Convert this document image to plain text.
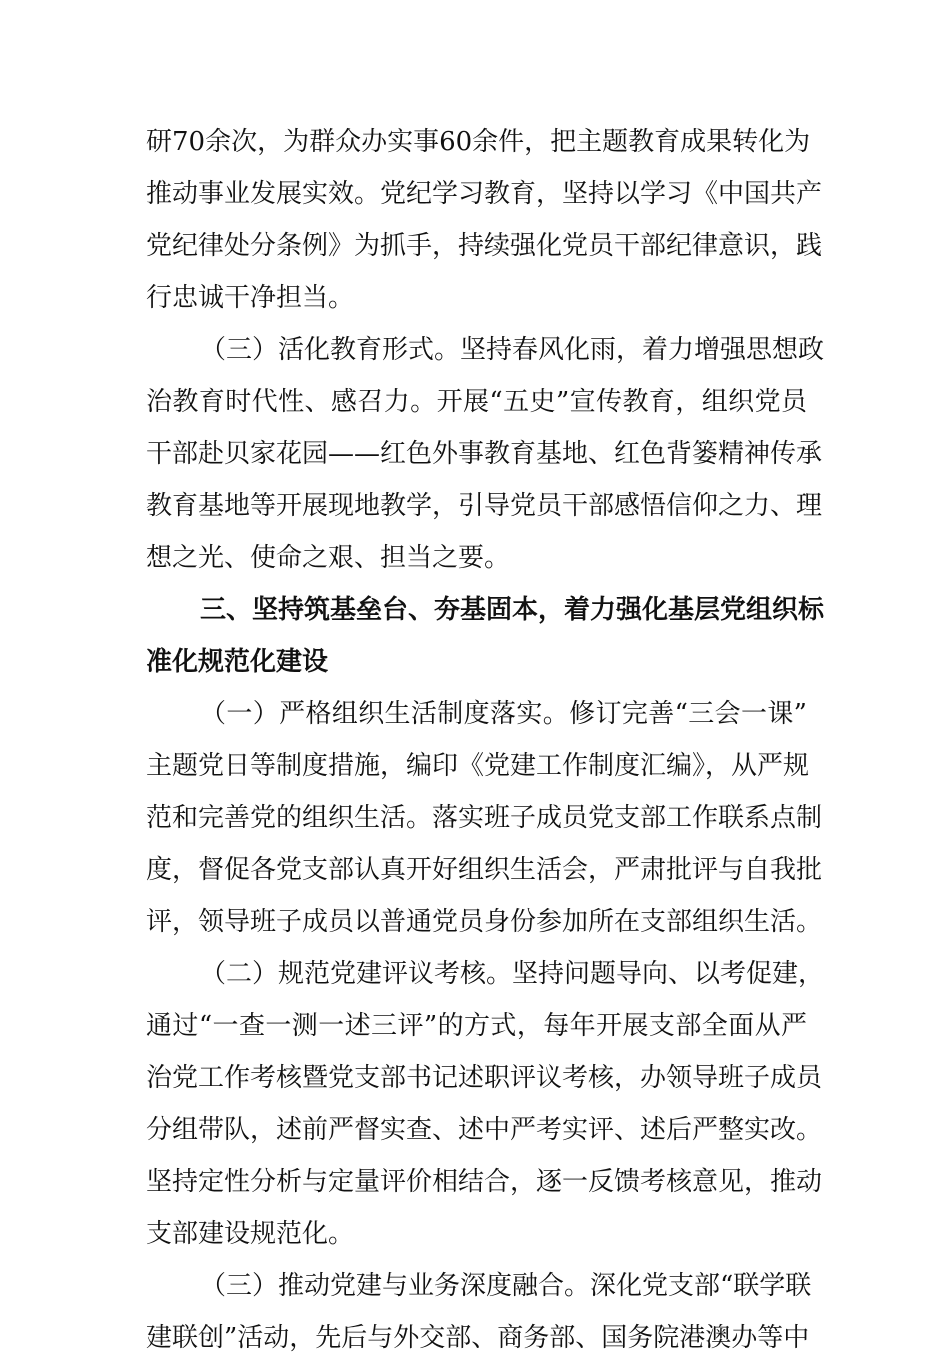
研70余次，为群众办实事60余件，把主题教育成果转化为
推动事业发展实效。党纪学习教育，坚持以学习《中国共产
党纪律处分条例》为抓手，持续强化党员干部纪律意识，践
行忠诚干净担当。
（三）活化教育形式。坚持春风化雨，着力增强思想政
治教育时代性、感召力。开展“五史”宣传教育，组织党员
干部赴贝家花园——红色外事教育基地、红色背篓精神传承
教育基地等开展现地教学，引导党员干部感悟信仰之力、理
想之光、使命之艰、担当之要。
三、坚持筑基垒台、夯基固本，着力强化基层党组织标
准化规范化建设
（一）严格组织生活制度落实。修订完善“三会一课”
主题党日等制度措施，编印《党建工作制度汇编》，从严规
范和完善党的组织生活。落实班子成员党支部工作联系点制
度，督促各党支部认真开好组织生活会，严肃批评与自我批
评，领导班子成员以普通党员身份参加所在支部组织生活。
（二）规范党建评议考核。坚持问题导向、以考促建，
通过“一查一测一述三评”的方式，每年开展支部全面从严
治党工作考核暨党支部书记述职评议考核，办领导班子成员
分组带队，述前严督实查、述中严考实评、述后严整实改。
坚持定性分析与定量评价相结合，逐一反馈考核意见，推动
支部建设规范化。
（三）推动党建与业务深度融合。深化党支部“联学联
建联创”活动，先后与外交部、商务部、国务院港澳办等中
